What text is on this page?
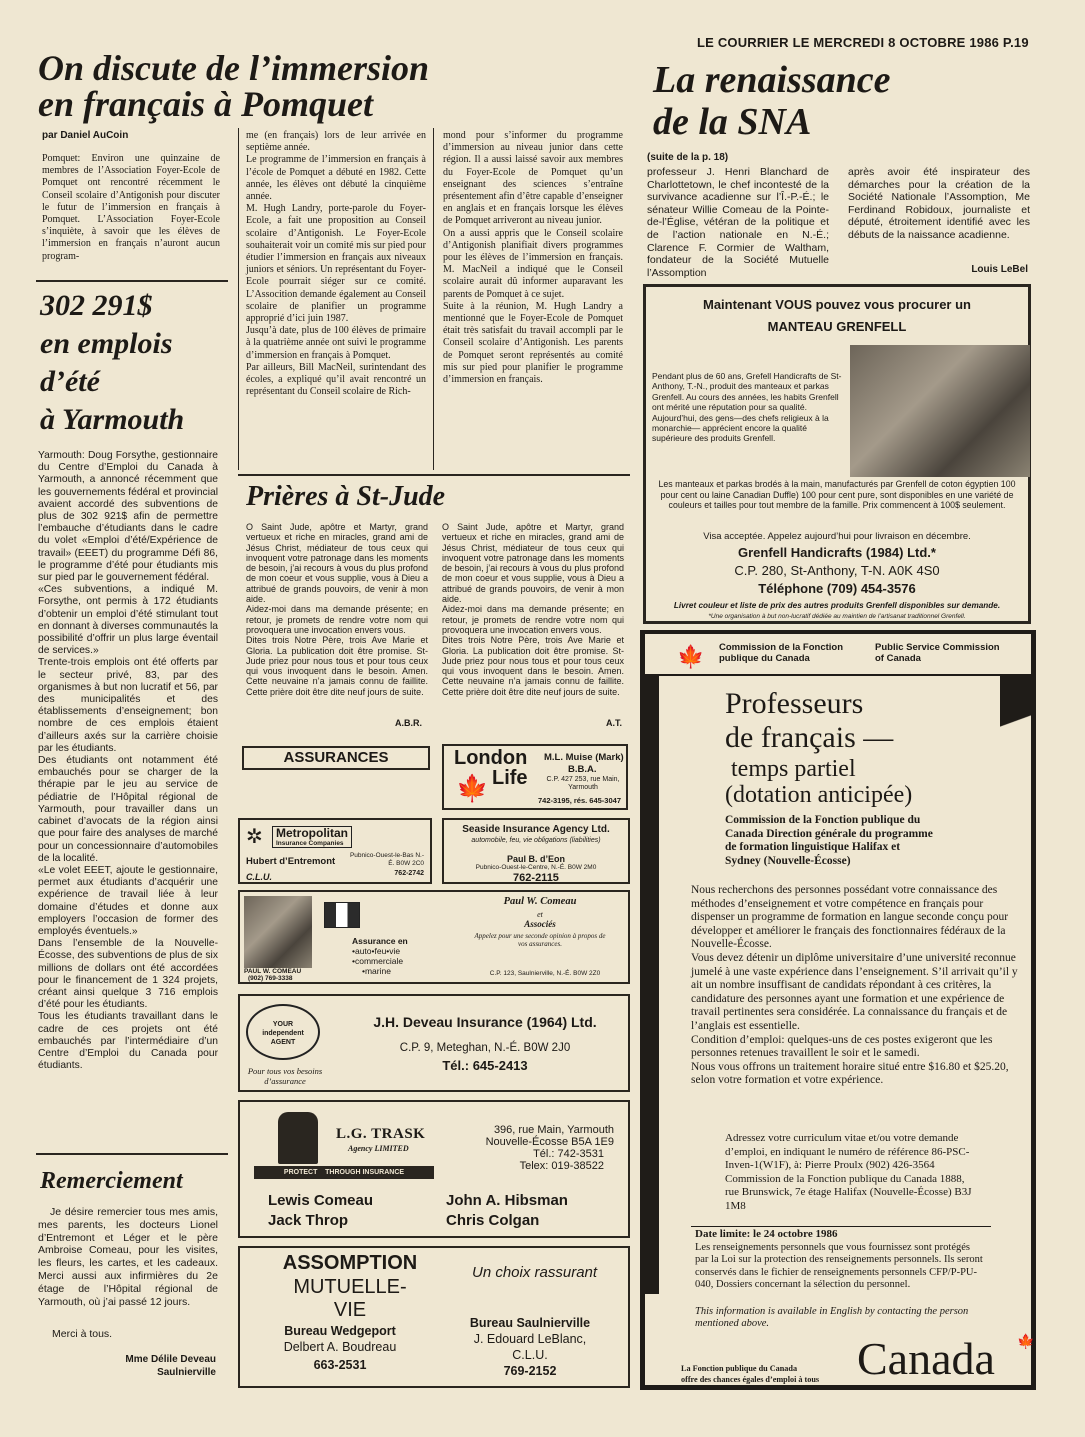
LE COURRIER LE MERCREDI 8 OCTOBRE 1986 P.19
On discute de l’immersion
en français à Pomquet
par Daniel AuCoin
Pomquet: Environ une quinzaine de membres de l’Association Foyer-Ecole de Pomquet ont rencontré récemment le Conseil scolaire d’Antigonish pour discuter le futur de l’immersion en français à Pomquet. L’Association Foyer-Ecole s’inquiète, à savoir que les élèves de l’immersion en français n’auront aucun program-
me (en français) lors de leur arrivée en septième année.
Le programme de l’immersion en français à l’école de Pomquet a débuté en 1982. Cette année, les élèves ont débuté la cinquième année.
M. Hugh Landry, porte-parole du Foyer-Ecole, a fait une proposition au Conseil scolaire d’Antigonish. Le Foyer-Ecole souhaiterait voir un comité mis sur pied pour étudier l’immersion en français aux niveaux juniors et séniors. Un représentant du Foyer-Ecole pourrait siéger sur ce comité. L’Assocition demande également au Conseil scolaire de planifier un programme approprié d’ici juin 1987.
Jusqu’à date, plus de 100 élèves de primaire à la quatrième année ont suivi le programme d’immersion en français à Pomquet.
Par ailleurs, Bill MacNeil, surintendant des écoles, a expliqué qu’il avait rencontré un représentant du Conseil scolaire de Rich-
mond pour s’informer du programme d’immersion au niveau junior dans cette région. Il a aussi laissé savoir aux membres du Foyer-Ecole de Pomquet qu’un enseignant des sciences s’entraîne présentement afin d’être capable d’enseigner en anglais et en français lorsque les élèves de Pomquet arriveront au niveau junior.
On a aussi appris que le Conseil scolaire d’Antigonish planifiait divers programmes pour les élèves de l’immersion en français. M. MacNeil a indiqué que le Conseil scolaire aurait dû informer auparavant les parents de Pomquet à ce sujet.
Suite à la réunion, M. Hugh Landry a mentionné que le Foyer-Ecole de Pomquet était très satisfait du travail accompli par le Conseil scolaire d’Antigonish. Les parents de Pomquet seront représentés au comité mis sur pied pour planifier le programme d’immersion en français.
La renaissance
de la SNA
(suite de la p. 18)
professeur J. Henri Blanchard de Charlottetown, le chef incontesté de la survivance acadienne sur l’Î.-P.-É.; le sénateur Willie Comeau de la Pointe-de-l’Église, vétéran de la politique et de l’action nationale en N.-É.; Clarence F. Cormier de Waltham, fondateur de la Société Mutuelle l’Assomption
après avoir été inspirateur des démarches pour la création de la Société Nationale l’Assomption, Me Ferdinand Robidoux, journaliste et député, étroitement identifié avec les débuts de la naissance acadienne.
Louis LeBel
302 291$
en emplois
d’été
à Yarmouth
Yarmouth: Doug Forsythe, gestionnaire du Centre d’Emploi du Canada à Yarmouth, a annoncé récemment que les gouvernements fédéral et provincial avaient accordé des subventions de plus de 302 921$ afin de permettre l’embauche d’étudiants dans le cadre du volet «Emploi d’été/Expérience de travail» (EEET) du programme Défi 86, le programme d’été pour étudiants mis sur pied par le gouvernement fédéral.
«Ces subventions, a indiqué M. Forsythe, ont permis à 172 étudiants d’obtenir un emploi d’été stimulant tout en donnant à diverses communautés la possibilité d’offrir un plus large éventail de services.»
Trente-trois emplois ont été offerts par le secteur privé, 83, par des organismes à but non lucratif et 56, par des municipalités et des établissements d’enseignement; bon nombre de ces emplois étaient d’ailleurs axés sur la carrière choisie par les étudiants.
Des étudiants ont notamment été embauchés pour se charger de la thérapie par le jeu au service de pédiatrie de l’Hôpital régional de Yarmouth, pour travailler dans un cabinet d’avocats de la région ainsi que pour faire des analyses de marché pour un concessionnaire d’automobiles de la localité.
«Le volet EEET, ajoute le gestionnaire, permet aux étudiants d’acquérir une expérience de travail liée à leur domaine d’études et donne aux employers l’occasion de former des employés éventuels.»
Dans l’ensemble de la Nouvelle-Écosse, des subventions de plus de six millions de dollars ont été accordées pour le financement de 1 324 projets, créant ainsi quelque 3 716 emplois d’été pour les étudiants.
Tous les étudiants travaillant dans le cadre de ces projets ont été embauchés par l’intermédiaire d’un Centre d’Emploi du Canada pour étudiants.
Remerciement
Je désire remercier tous mes amis, mes parents, les docteurs Lionel d’Entremont et Léger et le père Ambroise Comeau, pour les visites, les fleurs, les cartes, et les cadeaux. Merci aussi aux infirmières du 2e étage de l’Hôpital régional de Yarmouth, où j’ai passé 12 jours.
Merci à tous.
Mme Délile Deveau
Saulnierville
Prières à St-Jude
O Saint Jude, apôtre et Martyr, grand vertueux et riche en miracles, grand ami de Jésus Christ, médiateur de tous ceux qui invoquent votre patronage dans les moments de besoin, j’ai recours à vous du plus profond de mon coeur et vous supplie, vous à Dieu a attribué de grands pouvoirs, de venir à mon aide.
Aidez-moi dans ma demande présente; en retour, je promets de rendre votre nom qui provoquera une invocation envers vous.
Dites trois Notre Père, trois Ave Marie et Gloria. La publication doit être promise. St-Jude priez pour nous tous et pour tous ceux qui vous invoquent dans le besoin. Amen. Cette neuvaine n’a jamais connu de faillite. Cette prière doit être dite neuf jours de suite.
O Saint Jude, apôtre et Martyr, grand vertueux et riche en miracles, grand ami de Jésus Christ, médiateur de tous ceux qui invoquent votre patronage dans les moments de besoin, j’ai recours à vous du plus profond de mon coeur et vous supplie, vous à Dieu a attribué de grands pouvoirs, de venir à mon aide.
Aidez-moi dans ma demande présente; en retour, je promets de rendre votre nom qui provoquera une invocation envers vous.
Dites trois Notre Père, trois Ave Marie et Gloria. La publication doit être promise. St-Jude priez pour nous tous et pour tous ceux qui vous invoquent dans le besoin. Amen. Cette neuvaine n’a jamais connu de faillite. Cette prière doit être dite neuf jours de suite.
A.B.R.	A.T.
ASSURANCES	London
Life
🍁
M.L. Muise (Mark)
B.B.A.
C.P. 427 253, rue Main, Yarmouth
742-3195, rés. 645-3047
✲	Metropolitan
Insurance Companies
Hubert d’Entremont
C.L.U.
Pubnico-Ouest-le-Bas N.-É. B0W 2C0
762-2742
Seaside Insurance Agency Ltd.
automobile, feu, vie obligations (liabilities)
Paul B. d’Eon
Pubnico-Ouest-le-Centre, N.-É. B0W 2M0
762-2115
PAUL W. COMEAU
(902) 769-3338
Assurance en
•auto•feu•vie
•commerciale
•marine
Paul W. Comeau
et
Associés
Appelez pour une seconde opinion à propos de vos assurances.
C.P. 123, Saulnierville, N.-É. B0W 2Z0
YOUR independent AGENT
Pour tous vos besoins d’assurance
J.H. Deveau Insurance (1964) Ltd.
C.P. 9, Meteghan, N.-É. B0W 2J0
Tél.: 645-2413
L.G. TRASK
Agency LIMITED
PROTECT    THROUGH INSURANCE
396, rue Main, Yarmouth
Nouvelle-Écosse B5A 1E9
Tél.: 742-3531
Telex: 019-38522
Lewis Comeau
Jack Throp
John A. Hibsman
Chris Colgan
ASSOMPTION
MUTUELLE-VIE
Un choix rassurant
Bureau Wedgeport
Delbert A. Boudreau
663-2531
Bureau Saulnierville
J. Edouard LeBlanc,
C.L.U.
769-2152
Maintenant VOUS pouvez vous procurer un
MANTEAU GRENFELL
Pendant plus de 60 ans, Grefell Handicrafts de St-Anthony, T.-N., produit des manteaux et parkas Grenfell. Au cours des années, les habits Grenfell ont mérité une réputation pour sa qualité. Aujourd’hui, des gens—des chefs religieux à la monarchie— apprécient encore la qualité supérieure des produits Grenfell.
Les manteaux et parkas brodés à la main, manufacturés par Grenfell de coton égyptien 100 pour cent ou laine Canadian Duffle) 100 pour cent pure, sont disponibles en une variété de couleurs et tailles pour tout membre de la famille. Prix commencent à 100$ seulement.
Visa acceptée. Appelez aujourd’hui pour livraison en décembre.
Grenfell Handicrafts (1984) Ltd.*
C.P. 280, St-Anthony, T-N. A0K 4S0
Téléphone (709) 454-3576
Livret couleur et liste de prix des autres produits Grenfell disponibles sur demande.
*Une organisation à but non-lucratif dédiée au maintien de l’artisanat traditionnel Grenfell.
🍁 Commission de la Fonction
publique du Canada
Public Service Commission
of Canada
Professeurs
de français —
temps partiel
(dotation anticipée)
Commission de la Fonction publique du Canada Direction générale du programme de formation linguistique Halifax et Sydney (Nouvelle-Écosse)
Nous recherchons des personnes possédant votre connaissance des méthodes d’enseignement et votre compétence en français pour dispenser un programme de formation en langue seconde conçu pour développer et améliorer le français des fonctionnaires fédéraux de la Nouvelle-Écosse.
Vous devez détenir un diplôme universitaire d’une université reconnue jumelé à une vaste expérience dans l’enseignement. S’il arrivait qu’il y ait un nombre insuffisant de candidats répondant à ces critères, la candidature des personnes ayant une formation et une expérience de travail pertinentes sera considérée. La connaissance du français et de l’anglais est essentielle.
Condition d’emploi: quelques-uns de ces postes exigeront que les personnes retenues travaillent le soir et le samedi.
Nous vous offrons un traitement horaire situé entre $16.80 et $25.20, selon votre formation et votre expérience.
Adressez votre curriculum vitae et/ou votre demande d’emploi, en indiquant le numéro de référence 86-PSC-Inven-1(W1F), à: Pierre Proulx (902) 426-3564 Commission de la Fonction publique du Canada 1888, rue Brunswick, 7e étage Halifax (Nouvelle-Écosse) B3J 1M8
Date limite: le 24 octobre 1986
Les renseignements personnels que vous fournissez sont protégés par la Loi sur la protection des renseignements personnels. Ils seront conservés dans le fichier de renseignements personnels CFP/P-PU-040, Dossiers concernant la sélection du personnel.
This information is available in English by contacting the person mentioned above.
La Fonction publique du Canada
offre des chances égales d’emploi à tous Canada 🍁
